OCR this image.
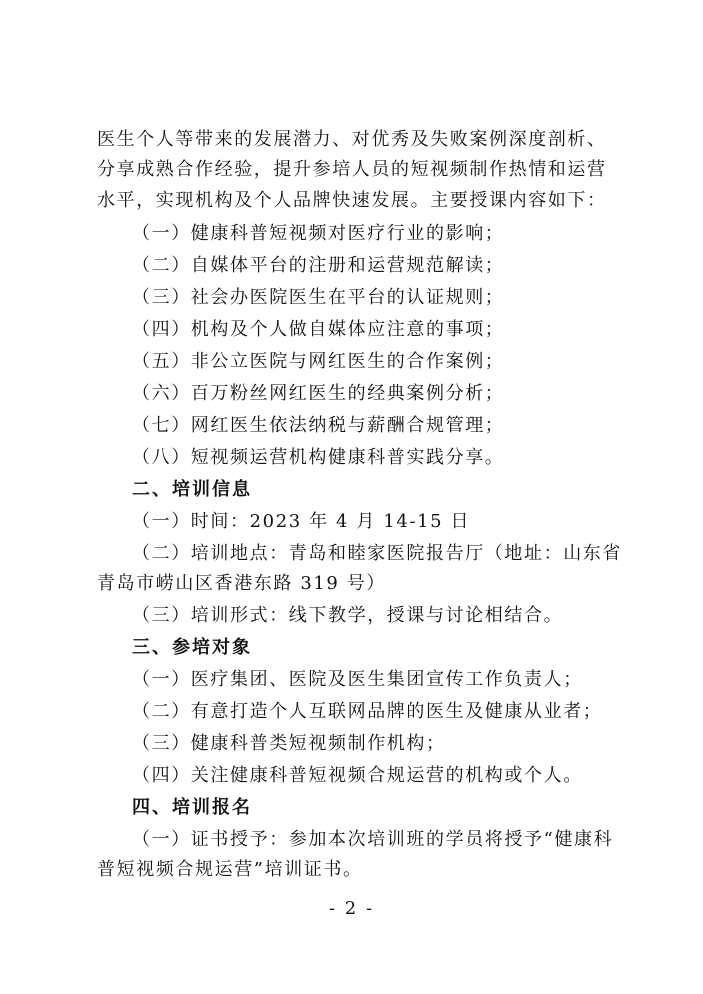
医生个人等带来的发展潜力、对优秀及失败案例深度剖析、
分享成熟合作经验，提升参培人员的短视频制作热情和运营
水平，实现机构及个人品牌快速发展。主要授课内容如下：
（一）健康科普短视频对医疗行业的影响；
（二）自媒体平台的注册和运营规范解读；
（三）社会办医院医生在平台的认证规则；
（四）机构及个人做自媒体应注意的事项；
（五）非公立医院与网红医生的合作案例；
（六）百万粉丝网红医生的经典案例分析；
（七）网红医生依法纳税与薪酬合规管理；
（八）短视频运营机构健康科普实践分享。
二、培训信息
（一）时间：2023 年 4 月 14-15 日
（二）培训地点：青岛和睦家医院报告厅（地址：山东省
青岛市崂山区香港东路 319 号）
（三）培训形式：线下教学，授课与讨论相结合。
三、参培对象
（一）医疗集团、医院及医生集团宣传工作负责人；
（二）有意打造个人互联网品牌的医生及健康从业者；
（三）健康科普类短视频制作机构；
（四）关注健康科普短视频合规运营的机构或个人。
四、培训报名
（一）证书授予：参加本次培训班的学员将授予“健康科
普短视频合规运营”培训证书。
- 2 -
